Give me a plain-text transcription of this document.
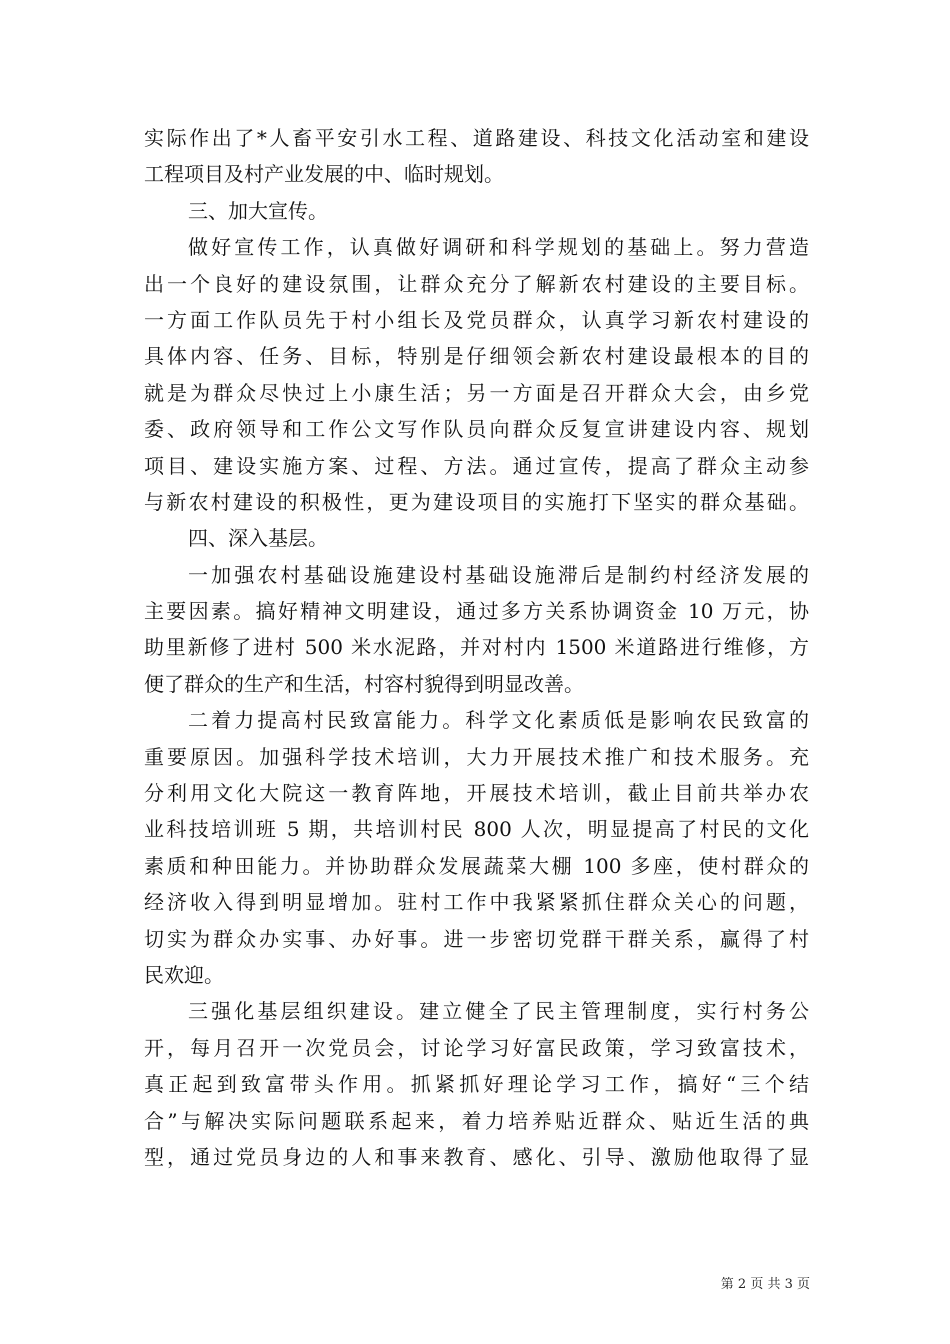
实际作出了*人畜平安引水工程、道路建设、科技文化活动室和建设
工程项目及村产业发展的中、临时规划。
三、加大宣传。
做好宣传工作，认真做好调研和科学规划的基础上。努力营造
出一个良好的建设氛围，让群众充分了解新农村建设的主要目标。
一方面工作队员先于村小组长及党员群众，认真学习新农村建设的
具体内容、任务、目标，特别是仔细领会新农村建设最根本的目的
就是为群众尽快过上小康生活；另一方面是召开群众大会，由乡党
委、政府领导和工作公文写作队员向群众反复宣讲建设内容、规划
项目、建设实施方案、过程、方法。通过宣传，提高了群众主动参
与新农村建设的积极性，更为建设项目的实施打下坚实的群众基础。
四、深入基层。
一加强农村基础设施建设村基础设施滞后是制约村经济发展的
主要因素。搞好精神文明建设，通过多方关系协调资金 10 万元，协
助里新修了进村 500 米水泥路，并对村内 1500 米道路进行维修，方
便了群众的生产和生活，村容村貌得到明显改善。
二着力提高村民致富能力。科学文化素质低是影响农民致富的
重要原因。加强科学技术培训，大力开展技术推广和技术服务。充
分利用文化大院这一教育阵地，开展技术培训，截止目前共举办农
业科技培训班 5 期，共培训村民 800 人次，明显提高了村民的文化
素质和种田能力。并协助群众发展蔬菜大棚 100 多座，使村群众的
经济收入得到明显增加。驻村工作中我紧紧抓住群众关心的问题，
切实为群众办实事、办好事。进一步密切党群干群关系，赢得了村
民欢迎。
三强化基层组织建设。建立健全了民主管理制度，实行村务公
开，每月召开一次党员会，讨论学习好富民政策，学习致富技术，
真正起到致富带头作用。抓紧抓好理论学习工作，搞好“三个结
合”与解决实际问题联系起来，着力培养贴近群众、贴近生活的典
型，通过党员身边的人和事来教育、感化、引导、激励他取得了显
第 2 页 共 3 页
